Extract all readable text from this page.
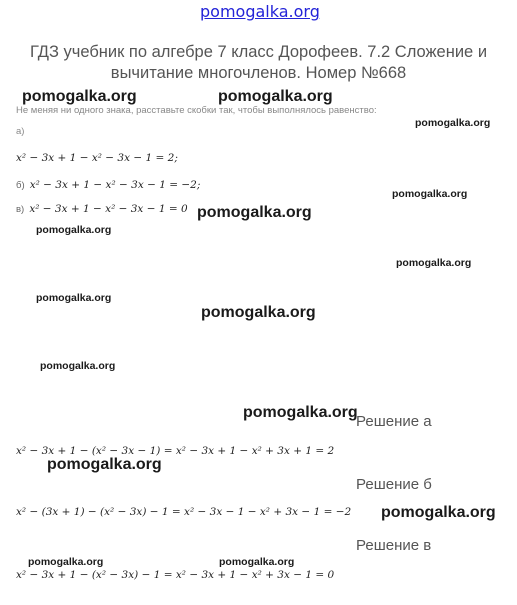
pomogalka.org
ГДЗ учебник по алгебре 7 класс Дорофеев. 7.2 Сложение и вычитание многочленов. Номер №668
pomogalka.org	pomogalka.org
pomogalka.org
pomogalka.org
pomogalka.org
pomogalka.org
pomogalka.org
pomogalka.org
pomogalka.org
pomogalka.org
pomogalka.org
pomogalka.org
pomogalka.org
pomogalka.org	pomogalka.org
Не меняя ни одного знака, расставьте скобки так, чтобы выполнялось равенство:
а)
x² − 3x + 1 − x² − 3x − 1 = 2;
б) x² − 3x + 1 − x² − 3x − 1 = −2;
в) x² − 3x + 1 − x² − 3x − 1 = 0
Решение а
x² − 3x + 1 − (x² − 3x − 1) = x² − 3x + 1 − x² + 3x + 1 = 2
Решение б
x² − (3x + 1) − (x² − 3x) − 1 = x² − 3x − 1 − x² + 3x − 1 = −2
Решение в
x² − 3x + 1 − (x² − 3x) − 1 = x² − 3x + 1 − x² + 3x − 1 = 0
